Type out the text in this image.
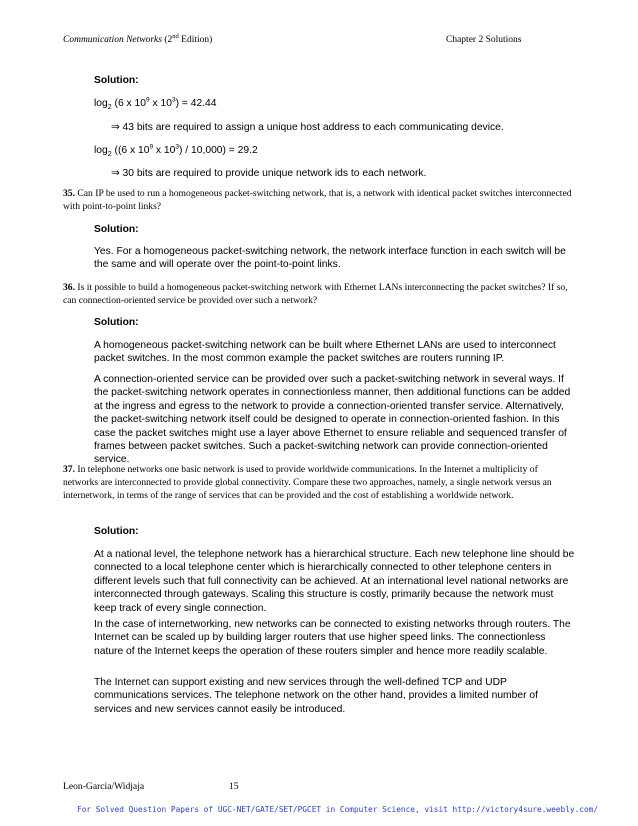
Communication Networks (2nd Edition)	Chapter 2 Solutions
Solution:
$\log_2 (6$ x $10^9$ x $10^3) = 42.44$
⇒ 43 bits are required to assign a unique host address to each communicating device.
$\log_2 ((6$ x $10^9$ x $10^3) / 10,000) = 29.2$
⇒ 30 bits are required to provide unique network ids to each network.
35. Can IP be used to run a homogeneous packet-switching network, that is, a network with identical packet switches interconnected with point-to-point links?
Solution:
Yes. For a homogeneous packet-switching network, the network interface function in each switch will be the same and will operate over the point-to-point links.
36. Is it possible to build a homogeneous packet-switching network with Ethernet LANs interconnecting the packet switches? If so, can connection-oriented service be provided over such a network?
Solution:
A homogeneous packet-switching network can be built where Ethernet LANs are used to interconnect packet switches. In the most common example the packet switches are routers running IP.
A connection-oriented service can be provided over such a packet-switching network in several ways. If the packet-switching network operates in connectionless manner, then additional functions can be added at the ingress and egress to the network to provide a connection-oriented transfer service. Alternatively, the packet-switching network itself could be designed to operate in connection-oriented fashion. In this case the packet switches might use a layer above Ethernet to ensure reliable and sequenced transfer of frames between packet switches. Such a packet-switching network can provide connection-oriented service.
37. In telephone networks one basic network is used to provide worldwide communications. In the Internet a multiplicity of networks are interconnected to provide global connectivity. Compare these two approaches, namely, a single network versus an internetwork, in terms of the range of services that can be provided and the cost of establishing a worldwide network.
Solution:
At a national level, the telephone network has a hierarchical structure. Each new telephone line should be connected to a local telephone center which is hierarchically connected to other telephone centers in different levels such that full connectivity can be achieved. At an international level national networks are interconnected through gateways. Scaling this structure is costly, primarily because the network must keep track of every single connection.
In the case of internetworking, new networks can be connected to existing networks through routers. The Internet can be scaled up by building larger routers that use higher speed links. The connectionless nature of the Internet keeps the operation of these routers simpler and hence more readily scalable.
The Internet can support existing and new services through the well-defined TCP and UDP communications services. The telephone network on the other hand, provides a limited number of services and new services cannot easily be introduced.
Leon-Garcia/Widjaja	15
For Solved Question Papers of UGC-NET/GATE/SET/PGCET in Computer Science, visit http://victory4sure.weebly.com/
